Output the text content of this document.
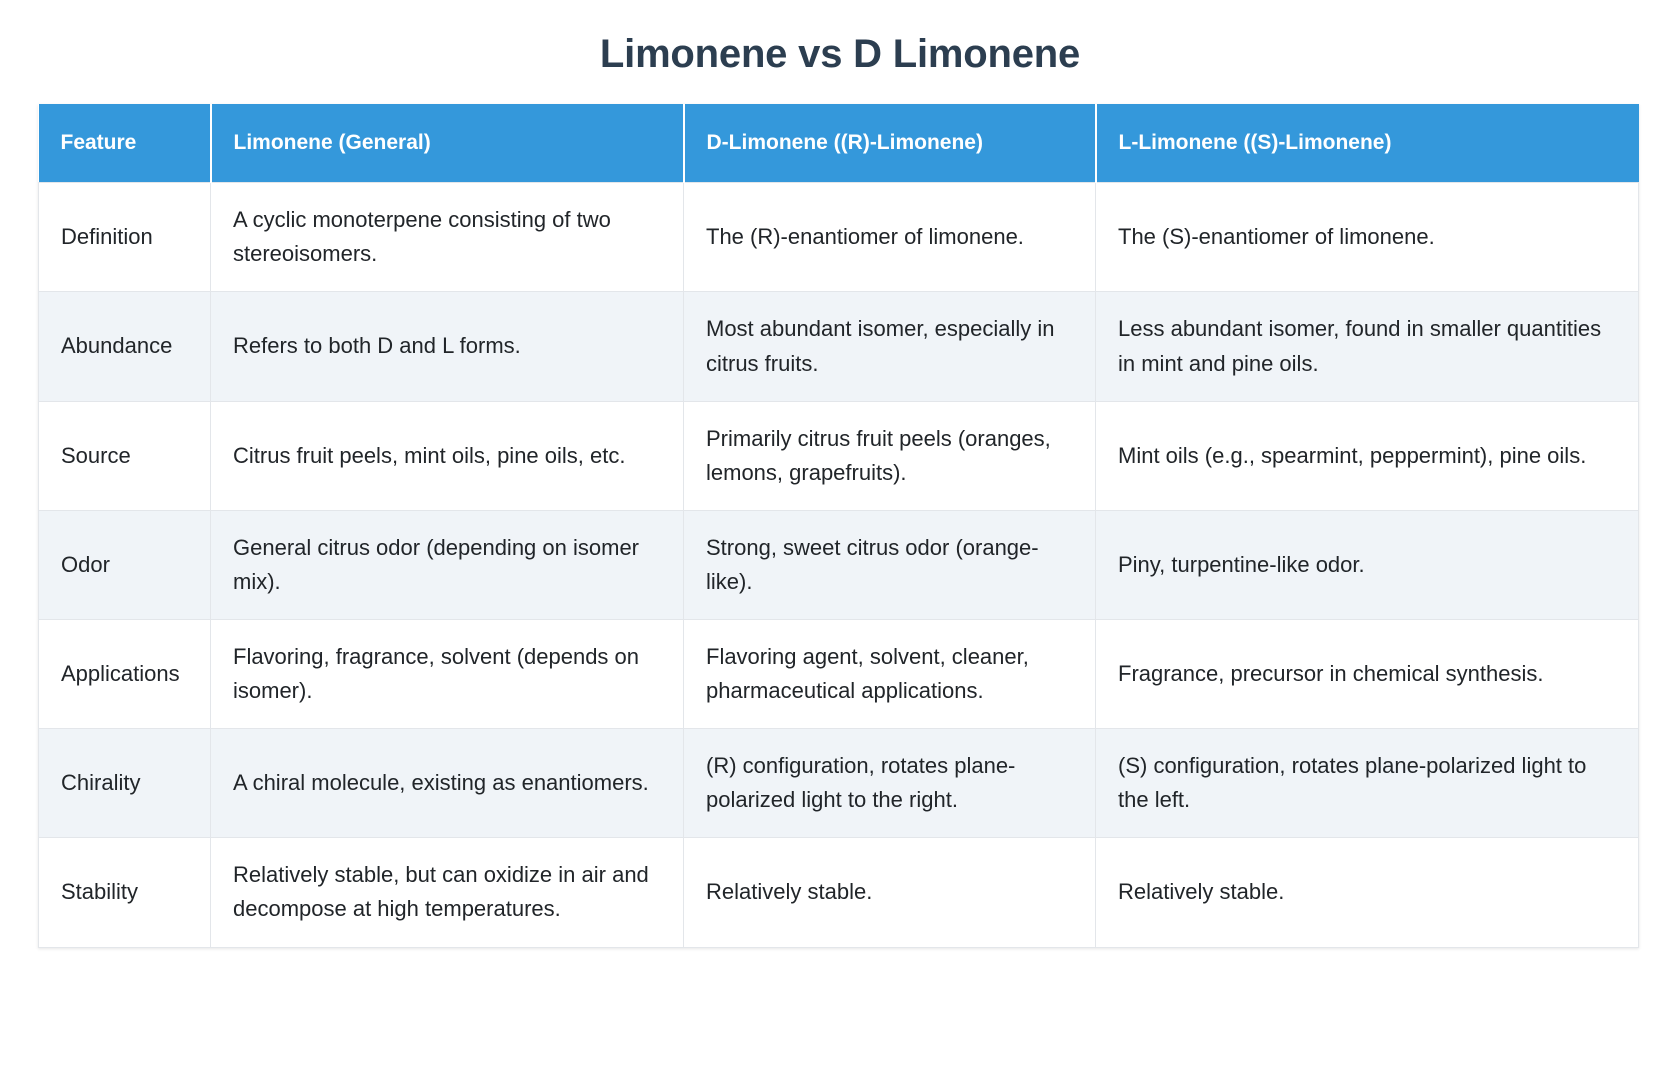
Limonene vs D Limonene
Feature	Limonene (General)	D-Limonene ((R)-Limonene)	L-Limonene ((S)-Limonene)
Definition	A cyclic monoterpene consisting of two stereoisomers.	The (R)-enantiomer of limonene.	The (S)-enantiomer of limonene.
Abundance	Refers to both D and L forms.	Most abundant isomer, especially in citrus fruits.	Less abundant isomer, found in smaller quantities in mint and pine oils.
Source	Citrus fruit peels, mint oils, pine oils, etc.	Primarily citrus fruit peels (oranges, lemons, grapefruits).	Mint oils (e.g., spearmint, peppermint), pine oils.
Odor	General citrus odor (depending on isomer mix).	Strong, sweet citrus odor (orange-like).	Piny, turpentine-like odor.
Applications	Flavoring, fragrance, solvent (depends on isomer).	Flavoring agent, solvent, cleaner, pharmaceutical applications.	Fragrance, precursor in chemical synthesis.
Chirality	A chiral molecule, existing as enantiomers.	(R) configuration, rotates plane-polarized light to the right.	(S) configuration, rotates plane-polarized light to the left.
Stability	Relatively stable, but can oxidize in air and decompose at high temperatures.	Relatively stable.	Relatively stable.
